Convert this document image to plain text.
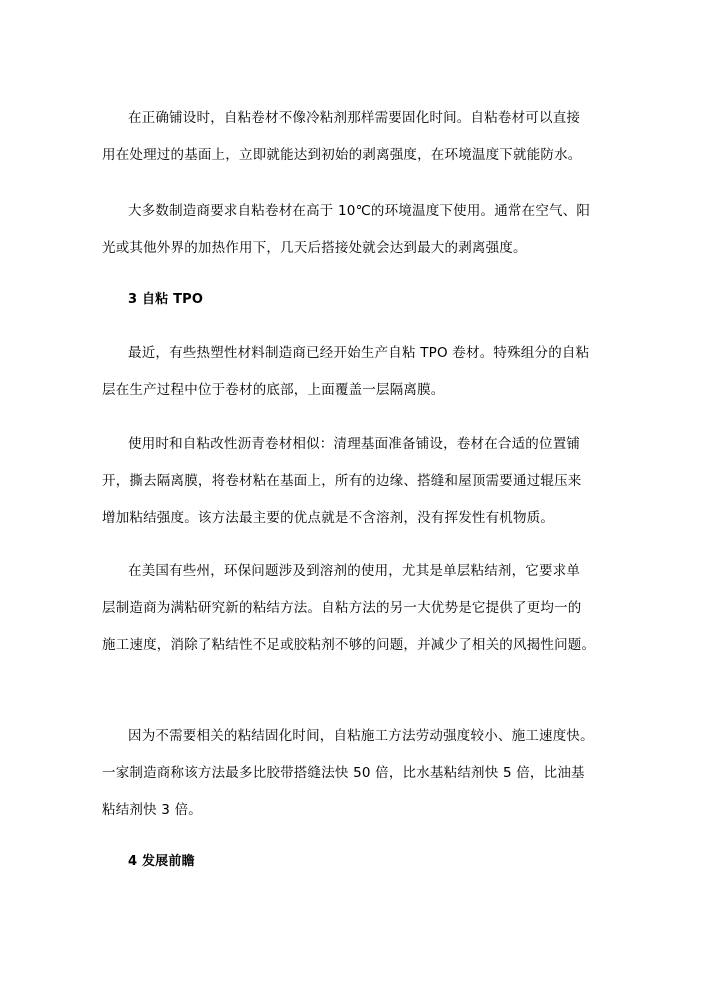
在正确铺设时，自粘卷材不像冷粘剂那样需要固化时间。自粘卷材可以直接
用在处理过的基面上，立即就能达到初始的剥离强度，在环境温度下就能防水。
大多数制造商要求自粘卷材在高于 10℃的环境温度下使用。通常在空气、阳
光或其他外界的加热作用下，几天后搭接处就会达到最大的剥离强度。
3 自粘 TPO
最近，有些热塑性材料制造商已经开始生产自粘 TPO 卷材。特殊组分的自粘
层在生产过程中位于卷材的底部，上面覆盖一层隔离膜。
使用时和自粘改性沥青卷材相似：清理基面准备铺设，卷材在合适的位置铺
开，撕去隔离膜，将卷材粘在基面上，所有的边缘、搭缝和屋顶需要通过辊压来
增加粘结强度。该方法最主要的优点就是不含溶剂，没有挥发性有机物质。
在美国有些州，环保问题涉及到溶剂的使用，尤其是单层粘结剂，它要求单
层制造商为满粘研究新的粘结方法。自粘方法的另一大优势是它提供了更均一的
施工速度，消除了粘结性不足或胶粘剂不够的问题，并减少了相关的风揭性问题。
因为不需要相关的粘结固化时间，自粘施工方法劳动强度较小、施工速度快。
一家制造商称该方法最多比胶带搭缝法快 50 倍，比水基粘结剂快 5 倍，比油基
粘结剂快 3 倍。
4 发展前瞻
